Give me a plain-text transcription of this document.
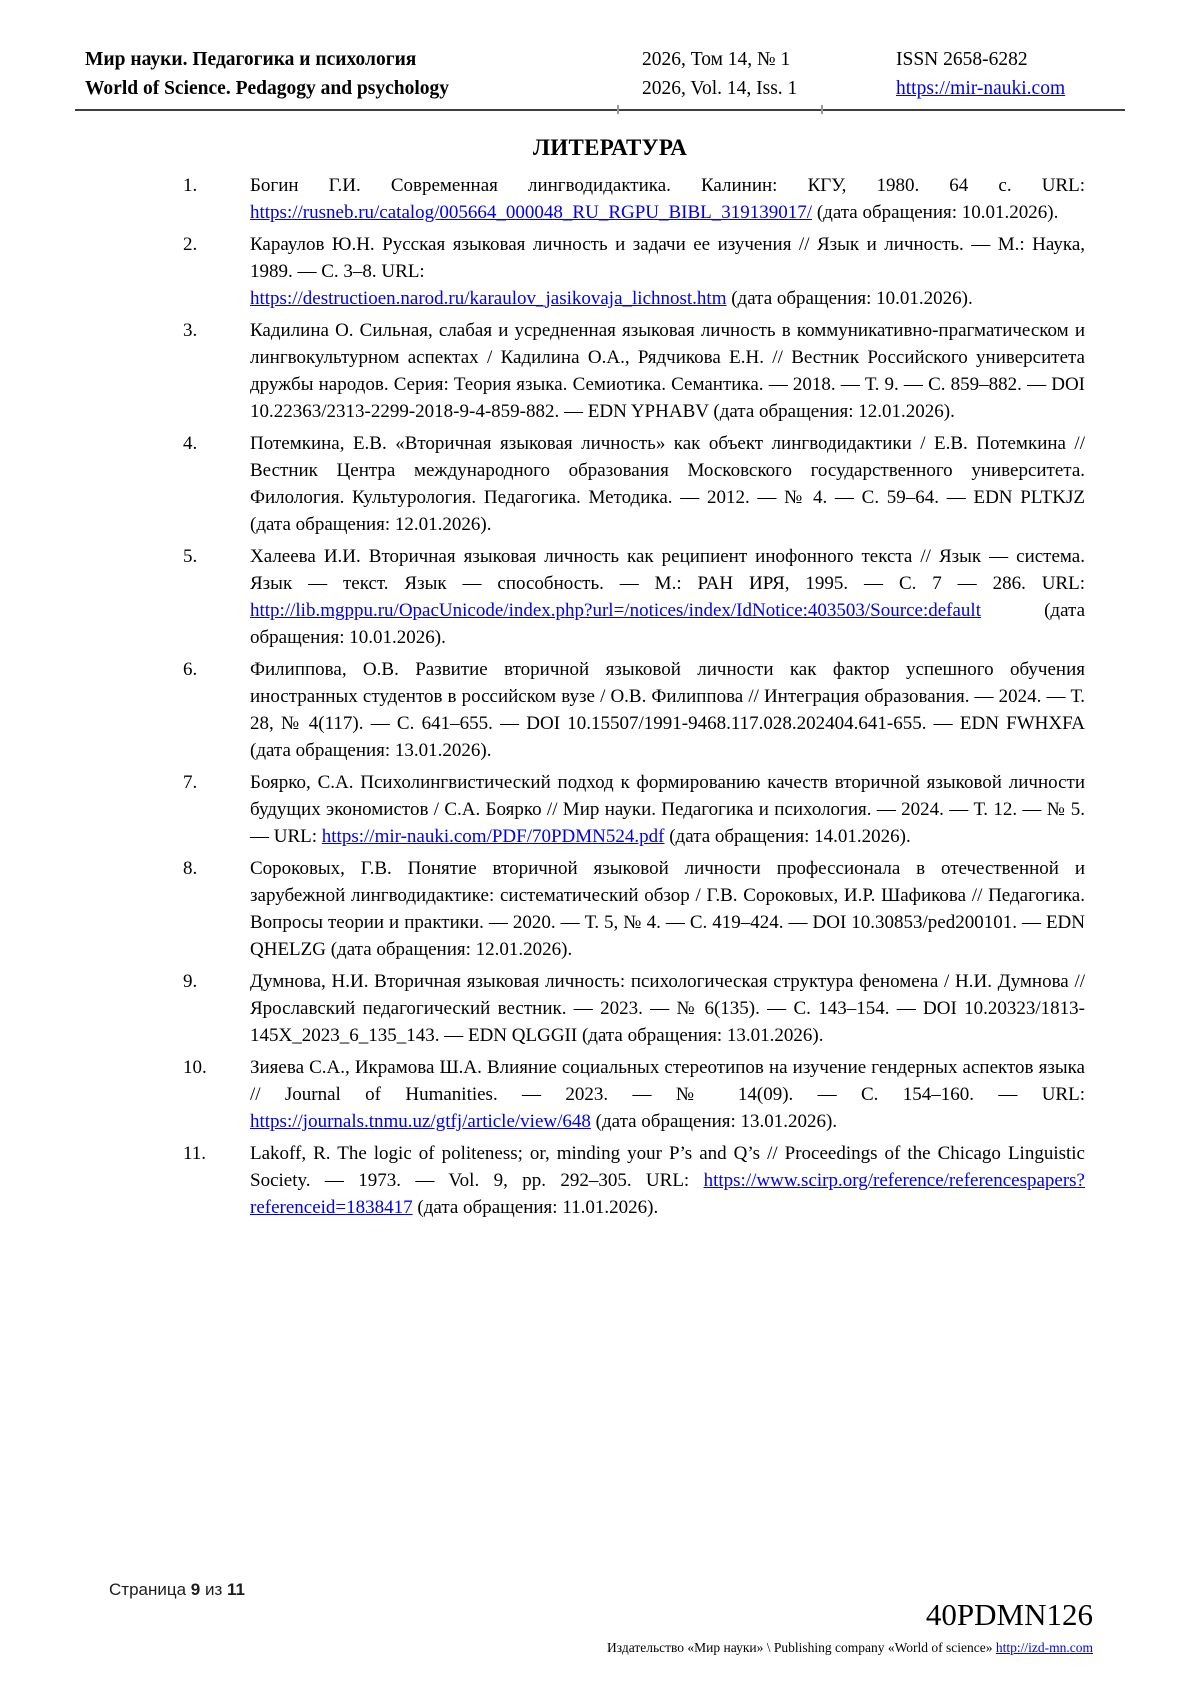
Мир науки. Педагогика и психология
World of Science. Pedagogy and psychology
2026, Том 14, № 1
2026, Vol. 14, Iss. 1
ISSN 2658-6282
https://mir-nauki.com
ЛИТЕРАТУРА
1.	Богин Г.И. Современная лингводидактика. Калинин: КГУ, 1980. 64 с. URL: https://rusneb.ru/catalog/005664_000048_RU_RGPU_BIBL_319139017/ (дата обращения: 10.01.2026).
2.	Караулов Ю.Н. Русская языковая личность и задачи ее изучения // Язык и личность. — М.: Наука, 1989. — С. 3–8. URL:
https://destructioen.narod.ru/karaulov_jasikovaja_lichnost.htm (дата обращения: 10.01.2026).
3.	Кадилина О. Сильная, слабая и усредненная языковая личность в коммуникативно-прагматическом и лингвокультурном аспектах / Кадилина О.А., Рядчикова Е.Н. // Вестник Российского университета дружбы народов. Серия: Теория языка. Семиотика. Семантика. — 2018. — Т. 9. — С. 859–882. — DOI 10.22363/2313-2299-2018-9-4-859-882. — EDN YPHABV (дата обращения: 12.01.2026).
4.	Потемкина, Е.В. «Вторичная языковая личность» как объект лингводидактики / Е.В. Потемкина // Вестник Центра международного образования Московского государственного университета. Филология. Культурология. Педагогика. Методика. — 2012. — № 4. — С. 59–64. — EDN PLTKJZ (дата обращения: 12.01.2026).
5.	Халеева И.И. Вторичная языковая личность как реципиент инофонного текста // Язык — система. Язык — текст. Язык — способность. — М.: РАН ИРЯ, 1995. — С. 7 — 286. URL: http://lib.mgppu.ru/OpacUnicode/index.php?url=/notices/index/IdNotice:403503/Source:default (дата обращения: 10.01.2026).
6.	Филиппова, О.В. Развитие вторичной языковой личности как фактор успешного обучения иностранных студентов в российском вузе / О.В. Филиппова // Интеграция образования. — 2024. — Т. 28, № 4(117). — С. 641–655. — DOI 10.15507/1991-9468.117.028.202404.641-655. — EDN FWHXFA (дата обращения: 13.01.2026).
7.	Боярко, С.А. Психолингвистический подход к формированию качеств вторичной языковой личности будущих экономистов / С.А. Боярко // Мир науки. Педагогика и психология. — 2024. — Т. 12. — № 5. — URL: https://mir-nauki.com/PDF/70PDMN524.pdf (дата обращения: 14.01.2026).
8.	Сороковых, Г.В. Понятие вторичной языковой личности профессионала в отечественной и зарубежной лингводидактике: систематический обзор / Г.В. Сороковых, И.Р. Шафикова // Педагогика. Вопросы теории и практики. — 2020. — Т. 5, № 4. — С. 419–424. — DOI 10.30853/ped200101. — EDN QHELZG (дата обращения: 12.01.2026).
9.	Думнова, Н.И. Вторичная языковая личность: психологическая структура феномена / Н.И. Думнова // Ярославский педагогический вестник. — 2023. — № 6(135). — С. 143–154. — DOI 10.20323/1813-145X_2023_6_135_143. — EDN QLGGII (дата обращения: 13.01.2026).
10.	Зияева С.А., Икрамова Ш.А. Влияние социальных стереотипов на изучение гендерных аспектов языка // Journal of Humanities. — 2023. — № 14(09). — С. 154–160. — URL: https://journals.tnmu.uz/gtfj/article/view/648 (дата обращения: 13.01.2026).
11.	Lakoff, R. The logic of politeness; or, minding your P’s and Q’s // Proceedings of the Chicago Linguistic Society. — 1973. — Vol. 9, pp. 292–305. URL: https://www.scirp.org/reference/referencespapers?referenceid=1838417 (дата обращения: 11.01.2026).
Страница 9 из 11
40PDMN126
Издательство «Мир науки» \ Publishing company «World of science» http://izd-mn.com
